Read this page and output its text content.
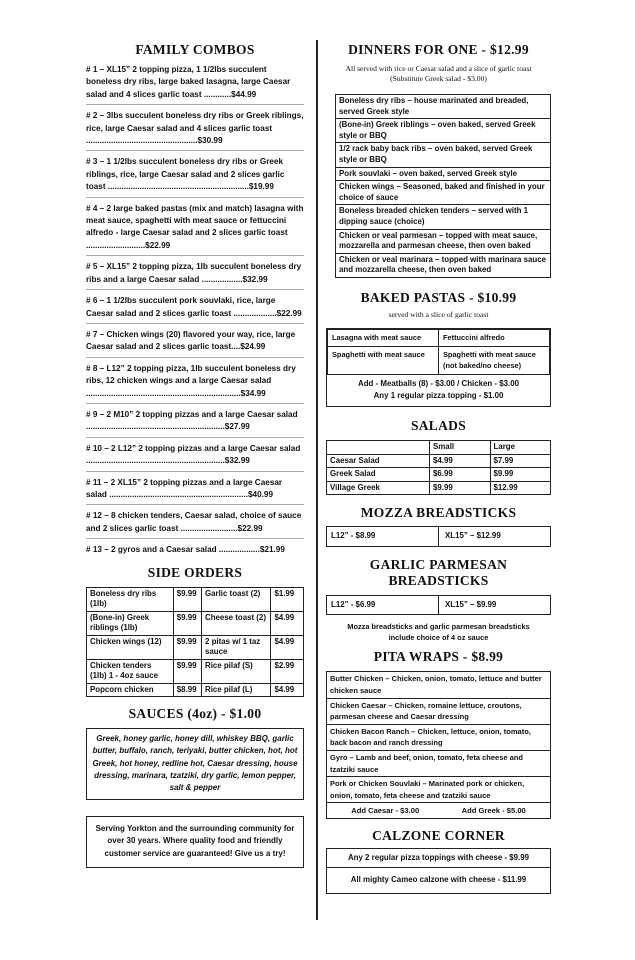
FAMILY COMBOS
# 1 – XL15” 2 topping pizza, 1 1/2lbs succulent boneless dry ribs, large baked lasagna, large Caesar salad and 4 slices garlic toast ............$44.99
# 2 – 3lbs succulent boneless dry ribs or Greek riblings, rice, large Caesar salad and 4 slices garlic toast .................................................$30.99
# 3 – 1 1/2lbs succulent boneless dry ribs or Greek riblings, rice, large Caesar salad and 2 slices garlic toast ..............................................................$19.99
# 4 – 2 large baked pastas (mix and match) lasagna with meat sauce, spaghetti with meat sauce or fettuccini alfredo - large Caesar salad and 2 slices garlic toast ..........................$22.99
# 5 – XL15” 2 topping pizza, 1lb succulent boneless dry ribs and a large Caesar salad ..................$32.99
# 6 – 1 1/2lbs succulent pork souvlaki, rice, large Caesar salad and 2 slices garlic toast ...................$22.99
# 7 – Chicken wings (20) flavored your way, rice, large Caesar salad and 2 slices garlic toast....$24.99
# 8 – L12” 2 topping pizza, 1lb succulent boneless dry ribs, 12 chicken wings and a large Caesar salad ....................................................................$34.99
# 9 – 2 M10” 2 topping pizzas and a large Caesar salad .............................................................$27.99
# 10 – 2 L12” 2 topping pizzas and a large Caesar salad .............................................................$32.99
# 11 – 2 XL15” 2 topping pizzas and a large Caesar salad .............................................................$40.99
# 12 – 8 chicken tenders, Caesar salad, choice of sauce and 2 slices garlic toast .........................$22.99
# 13 – 2 gyros and a Caesar salad ..................$21.99
SIDE ORDERS
Boneless dry ribs (1lb)	$9.99	Garlic toast (2)	$1.99
(Bone-in) Greek riblings (1lb)	$9.99	Cheese toast (2)	$4.99
Chicken wings (12)	$9.99	2 pitas w/ 1 taz sauce	$4.99
Chicken tenders (1lb) 1 - 4oz sauce	$9.99	Rice pilaf (S)	$2.99
Popcorn chicken	$8.99	Rice pilaf (L)	$4.99
SAUCES (4oz) - $1.00
Greek, honey garlic, honey dill, whiskey BBQ, garlic butter, buffalo, ranch, teriyaki, butter chicken, hot, hot Greek, hot honey, redline hot, Caesar dressing, house dressing, marinara, tzatziki, dry garlic, lemon pepper, salt & pepper
Serving Yorkton and the surrounding community for over 30 years. Where quality food and friendly customer service are guaranteed! Give us a try!
DINNERS FOR ONE - $12.99
All served with rice or Caesar salad and a slice of garlic toast (Substitute Greek salad - $3.00)
Boneless dry ribs – house marinated and breaded, served Greek style
(Bone-in) Greek riblings – oven baked, served Greek style or BBQ
1/2 rack baby back ribs – oven baked, served Greek style or BBQ
Pork souvlaki – oven baked, served Greek style
Chicken wings – Seasoned, baked and finished in your choice of sauce
Boneless breaded chicken tenders – served with 1 dipping sauce (choice)
Chicken or veal parmesan – topped with meat sauce, mozzarella and parmesan cheese, then oven baked
Chicken or veal marinara – topped with marinara sauce and mozzarella cheese, then oven baked
BAKED PASTAS - $10.99
served with a slice of garlic toast
Lasagna with meat sauce	Fettuccini alfredo
Spaghetti with meat sauce	Spaghetti with meat sauce (not baked/no cheese)
Add - Meatballs (8) - $3.00 / Chicken - $3.00
Any 1 regular pizza topping - $1.00
SALADS
	Small	Large
Caesar Salad	$4.99	$7.99
Greek Salad	$6.99	$9.99
Village Greek	$9.99	$12.99
MOZZA BREADSTICKS
L12” - $8.99	XL15” – $12.99
GARLIC PARMESAN
BREADSTICKS
L12” - $6.99	XL15” – $9.99
Mozza breadsticks and garlic parmesan breadsticks include choice of 4 oz sauce
PITA WRAPS - $8.99
Butter Chicken – Chicken, onion, tomato, lettuce and butter chicken sauce
Chicken Caesar – Chicken, romaine lettuce, croutons, parmesan cheese and Caesar dressing
Chicken Bacon Ranch – Chicken, lettuce, onion, tomato, back bacon and ranch dressing
Gyro – Lamb and beef, onion, tomato, feta cheese and tzatziki sauce
Pork or Chicken Souvlaki – Marinated pork or chicken, onion, tomato, feta cheese and tzatziki sauce
Add Caesar - $3.00	Add Greek - $5.00
CALZONE CORNER
Any 2 regular pizza toppings with cheese - $9.99
All mighty Cameo calzone with cheese - $11.99
